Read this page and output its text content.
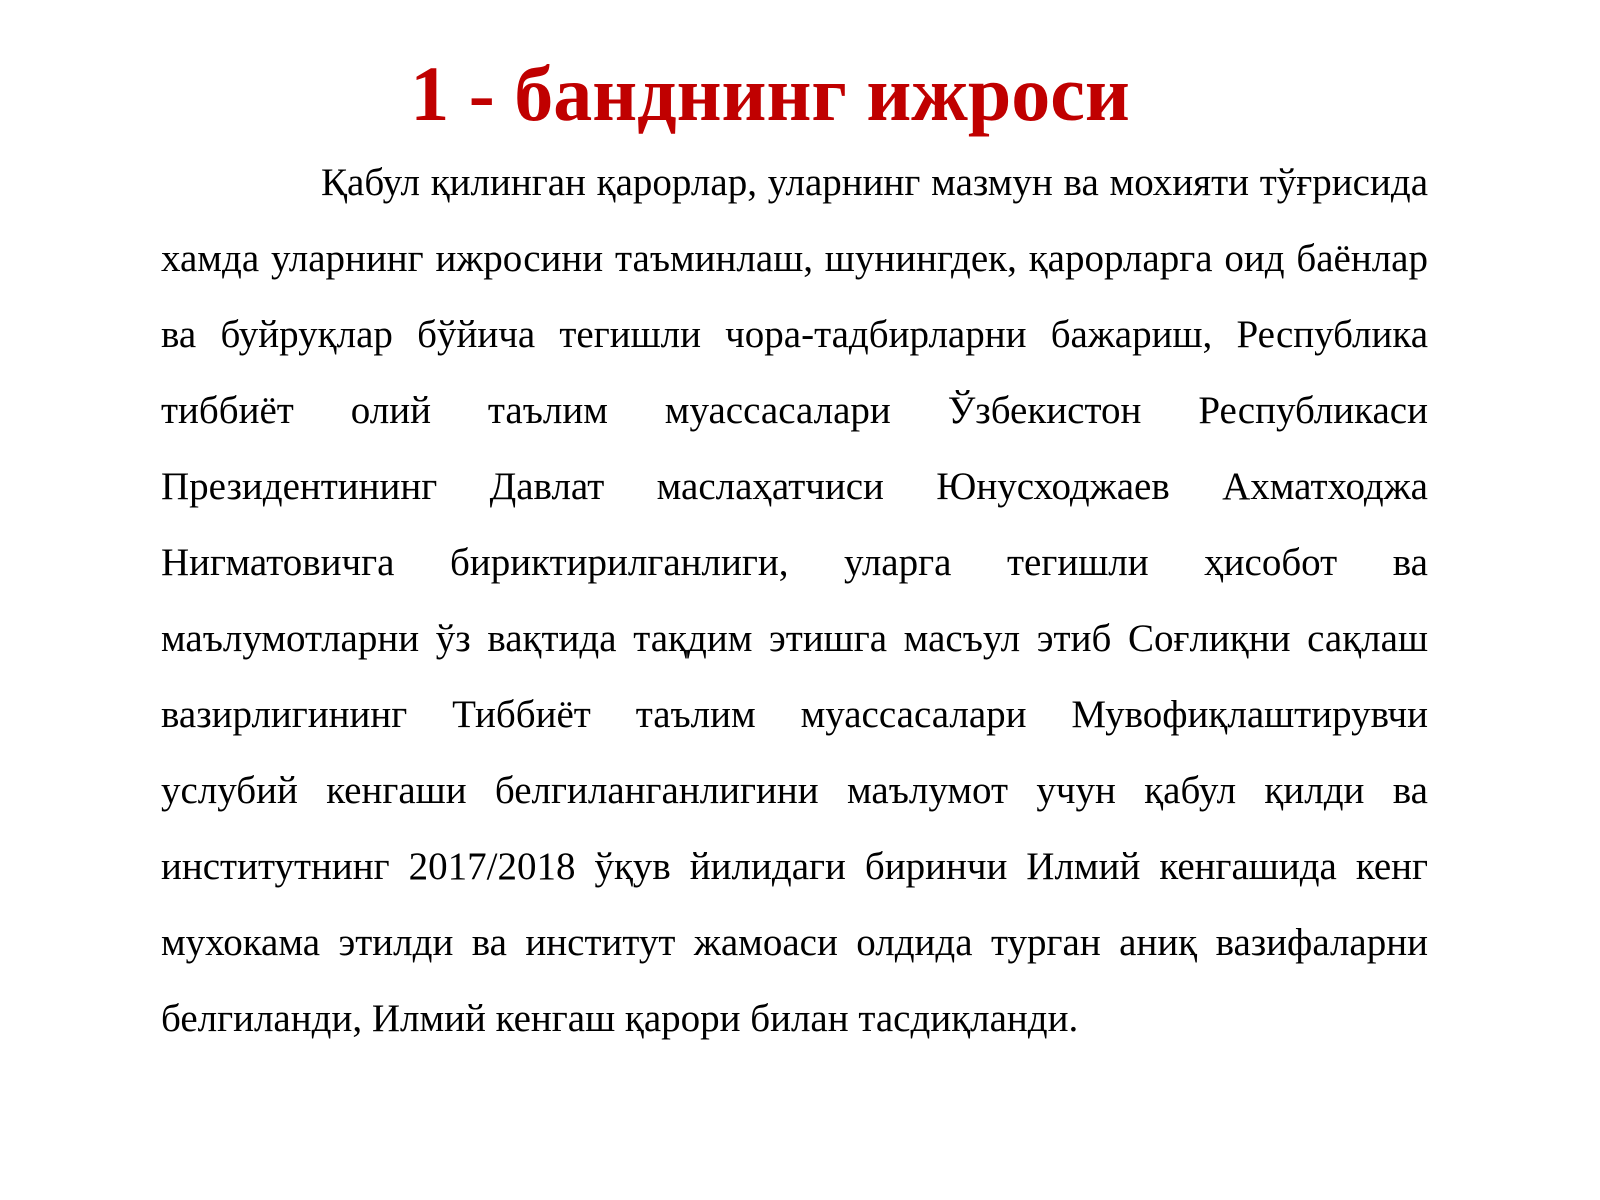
1 - банднинг ижроси

Қабул қилинган қарорлар, уларнинг мазмун ва мохияти тўғрисида хамда уларнинг ижросини таъминлаш, шунингдек, қарорларга оид баёнлар ва буйруқлар бўйича тегишли чора-тадбирларни бажариш, Республика тиббиёт олий таълим муассасалари Ўзбекистон Республикаси Президентининг Давлат маслаҳатчиси Юнусходжаев Ахматходжа Нигматовичга бириктирилганлиги, уларга тегишли ҳисобот ва маълумотларни ўз вақтида тақдим этишга масъул этиб Соғлиқни сақлаш вазирлигининг Тиббиёт таълим муассасалари Мувофиқлаштирувчи услубий кенгаши белгиланганлигини маълумот учун қабул қилди ва институтнинг 2017/2018 ўқув йилидаги биринчи Илмий кенгашида кенг мухокама этилди ва институт жамоаси олдида турган аниқ вазифаларни белгиланди, Илмий кенгаш қарори билан тасдиқланди.
